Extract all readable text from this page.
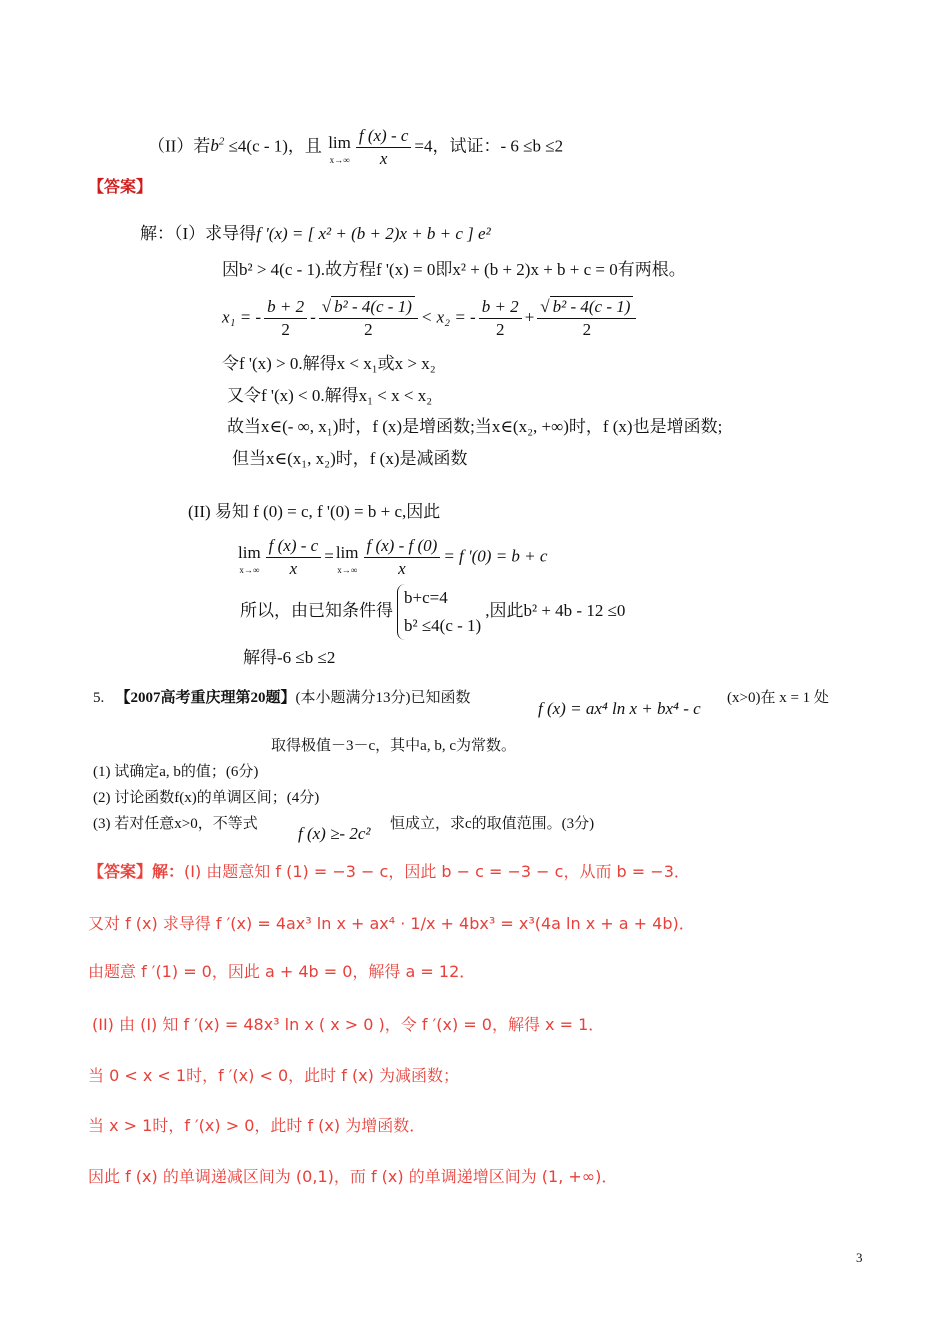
（II）若$b^2 \le 4(c - 1)$，且 lim
$x\to\infty \frac{f (x) - c}{x} =4$，试证：- 6 ≤b ≤2
【答案】
解：（I）求导得f '(x) = [ x² + (b + 2)x + b + c ] e²
因b² > 4(c - 1).故方程f '(x) = 0即x² + (b + 2)x + b + c = 0有两根。
x₁ = - $\frac{b + 2}{2} - \frac{\text{√ b² - 4(c - 1)}}{2} < x_2$ = - $\frac{b + 2}{2} + \frac{\text{√ b² - 4(c - 1)}}{2}$
令f '(x) > 0.解得x < x₁或x > x₂
又令f '(x) < 0.解得x₁ < x < x₂
故当x∈(- ∞, x₁)时，f (x)是增函数;当x∈(x₂, +∞)时，f (x)也是增函数;
但当x∈(x₁, x₂)时，f (x)是减函数
(II) 易知 f (0) = c, f '(0) = b + c,因此
lim
$x\to\infty \frac{f (x) - c}{x} = \lim$
$x\to\infty \frac{f (x) - f (0)}{x} = f$ '(0) = b + c
所以，由已知条件得b+c=4
b² ≤4(c - 1),因此b² + 4b - 12 ≤0
解得-6 ≤b ≤2
5. 【2007高考重庆理第20题】(本小题满分13分)已知函数
f (x) = ax⁴ ln x + bx⁴ - c
(x>0)在 x = 1 处
取得极值－3－c，其中a, b, c为常数。
(1) 试确定a, b的值；(6分)
(2) 讨论函数f(x)的单调区间；(4分)
(3) 若对任意x>0，不等式 f (x) ≥- 2c² 恒成立，求c的取值范围。(3分)
【答案】解：(I) 由题意知 f (1) = −3 − c，因此 b − c = −3 − c，从而 b = −3．
又对 f (x) 求导得 f ′(x) = 4ax³ ln x + ax⁴ · 1/x + 4bx³ = x³(4a ln x + a + 4b)．
由题意 f ′(1) = 0，因此 a + 4b = 0，解得 a = 12．
(II) 由 (I) 知 f ′(x) = 48x³ ln x ( x > 0 )，令 f ′(x) = 0，解得 x = 1．
当 0 < x < 1时，f ′(x) < 0，此时 f (x) 为减函数；
当 x > 1时，f ′(x) > 0，此时 f (x) 为增函数．
因此 f (x) 的单调递减区间为 (0,1)，而 f (x) 的单调递增区间为 (1, +∞)．
3
